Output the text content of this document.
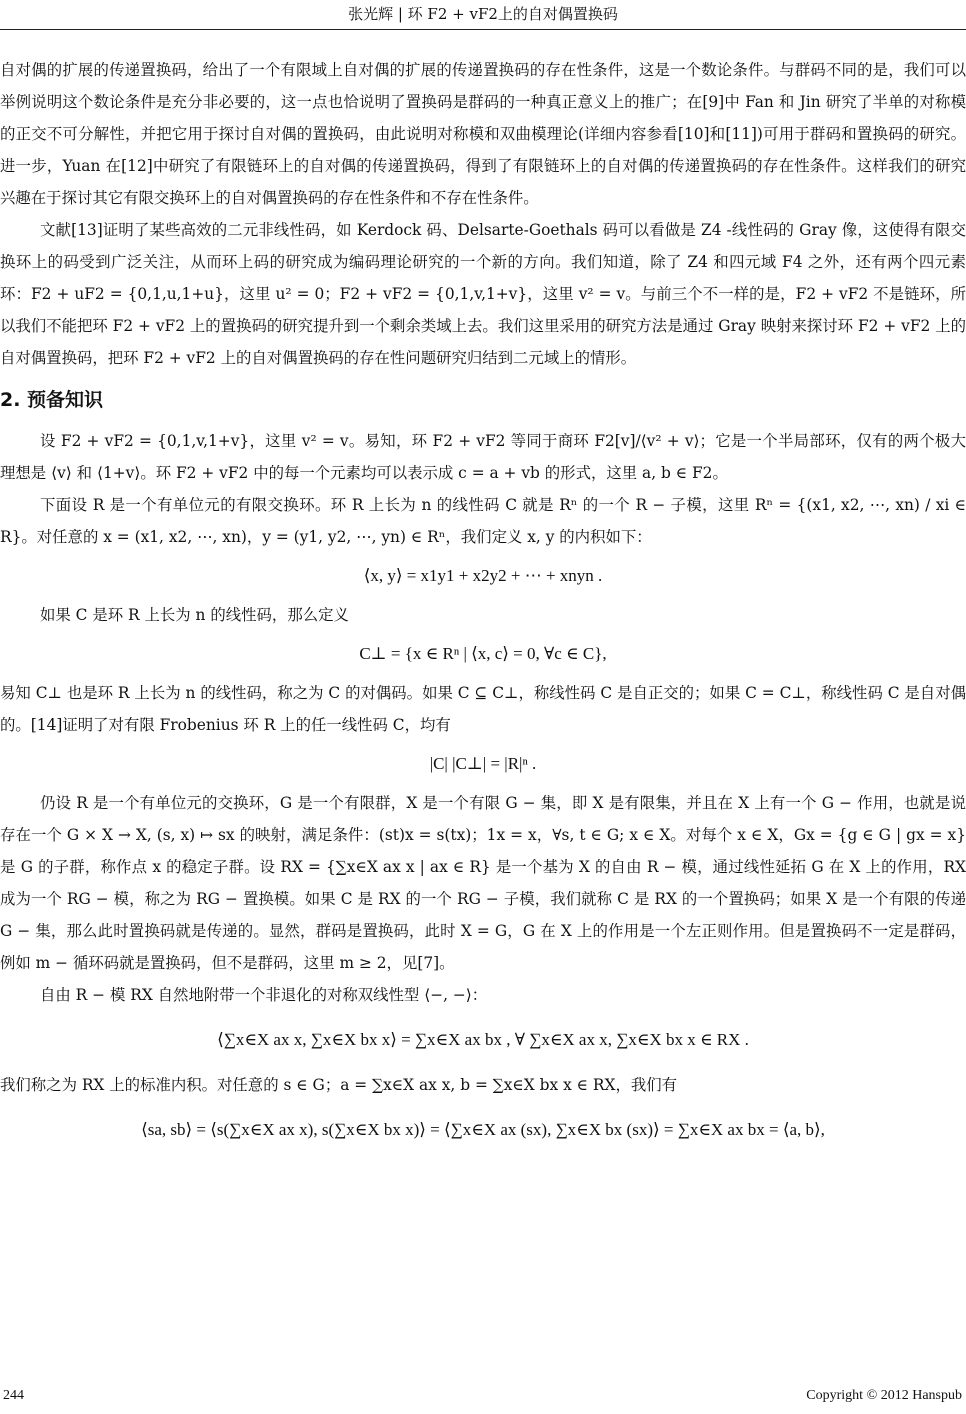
张光辉 | 环 F2 + vF2上的自对偶置换码

自对偶的扩展的传递置换码，给出了一个有限域上自对偶的扩展的传递置换码的存在性条件，这是一个数论条件。与群码不同的是，我们可以举例说明这个数论条件是充分非必要的，这一点也恰说明了置换码是群码的一种真正意义上的推广；在[9]中 Fan 和 Jin 研究了半单的对称模的正交不可分解性，并把它用于探讨自对偶的置换码，由此说明对称模和双曲模理论(详细内容参看[10]和[11])可用于群码和置换码的研究。进一步，Yuan 在[12]中研究了有限链环上的自对偶的传递置换码，得到了有限链环上的自对偶的传递置换码的存在性条件。这样我们的研究兴趣在于探讨其它有限交换环上的自对偶置换码的存在性条件和不存在性条件。

文献[13]证明了某些高效的二元非线性码，如 Kerdock 码、Delsarte-Goethals 码可以看做是 Z4 -线性码的 Gray 像，这使得有限交换环上的码受到广泛关注，从而环上码的研究成为编码理论研究的一个新的方向。我们知道，除了 Z4 和四元域 F4 之外，还有两个四元素环：F2 + uF2 = {0,1,u,1+u}，这里 u² = 0；F2 + vF2 = {0,1,v,1+v}，这里 v² = v。与前三个不一样的是，F2 + vF2 不是链环，所以我们不能把环 F2 + vF2 上的置换码的研究提升到一个剩余类域上去。我们这里采用的研究方法是通过 Gray 映射来探讨环 F2 + vF2 上的自对偶置换码，把环 F2 + vF2 上的自对偶置换码的存在性问题研究归结到二元域上的情形。

2. 预备知识

设 F2 + vF2 = {0,1,v,1+v}，这里 v² = v。易知，环 F2 + vF2 等同于商环 F2[v]/⟨v² + v⟩；它是一个半局部环，仅有的两个极大理想是 ⟨v⟩ 和 ⟨1+v⟩。环 F2 + vF2 中的每一个元素均可以表示成 c = a + vb 的形式，这里 a, b ∈ F2。

下面设 R 是一个有单位元的有限交换环。环 R 上长为 n 的线性码 C 就是 Rⁿ 的一个 R − 子模，这里 Rⁿ = {(x1, x2, ⋯, xn) / xi ∈ R}。对任意的 x = (x1, x2, ⋯, xn)，y = (y1, y2, ⋯, yn) ∈ Rⁿ，我们定义 x, y 的内积如下：

⟨x, y⟩ = x1y1 + x2y2 + ⋯ + xnyn .

如果 C 是环 R 上长为 n 的线性码，那么定义

C⊥ = {x ∈ Rⁿ | ⟨x, c⟩ = 0, ∀c ∈ C},

易知 C⊥ 也是环 R 上长为 n 的线性码，称之为 C 的对偶码。如果 C ⊆ C⊥，称线性码 C 是自正交的；如果 C = C⊥，称线性码 C 是自对偶的。[14]证明了对有限 Frobenius 环 R 上的任一线性码 C，均有

|C| |C⊥| = |R|ⁿ .

仍设 R 是一个有单位元的交换环，G 是一个有限群，X 是一个有限 G − 集，即 X 是有限集，并且在 X 上有一个 G − 作用，也就是说存在一个 G × X → X, (s, x) ↦ sx 的映射，满足条件：(st)x = s(tx)；1x = x，∀s, t ∈ G; x ∈ X。对每个 x ∈ X，Gx = {g ∈ G | gx = x} 是 G 的子群，称作点 x 的稳定子群。设 RX = {∑x∈X ax x | ax ∈ R} 是一个基为 X 的自由 R − 模，通过线性延拓 G 在 X 上的作用，RX 成为一个 RG − 模，称之为 RG − 置换模。如果 C 是 RX 的一个 RG − 子模，我们就称 C 是 RX 的一个置换码；如果 X 是一个有限的传递 G − 集，那么此时置换码就是传递的。显然，群码是置换码，此时 X = G，G 在 X 上的作用是一个左正则作用。但是置换码不一定是群码，例如 m − 循环码就是置换码，但不是群码，这里 m ≥ 2，见[7]。

自由 R − 模 RX 自然地附带一个非退化的对称双线性型 ⟨−, −⟩：

⟨∑x∈X ax x, ∑x∈X bx x⟩ = ∑x∈X ax bx , ∀ ∑x∈X ax x, ∑x∈X bx x ∈ RX .

我们称之为 RX 上的标准内积。对任意的 s ∈ G；a = ∑x∈X ax x, b = ∑x∈X bx x ∈ RX，我们有

⟨sa, sb⟩ = ⟨s(∑x∈X ax x), s(∑x∈X bx x)⟩ = ⟨∑x∈X ax (sx), ∑x∈X bx (sx)⟩ = ∑x∈X ax bx = ⟨a, b⟩,
244	Copyright © 2012 Hanspub
